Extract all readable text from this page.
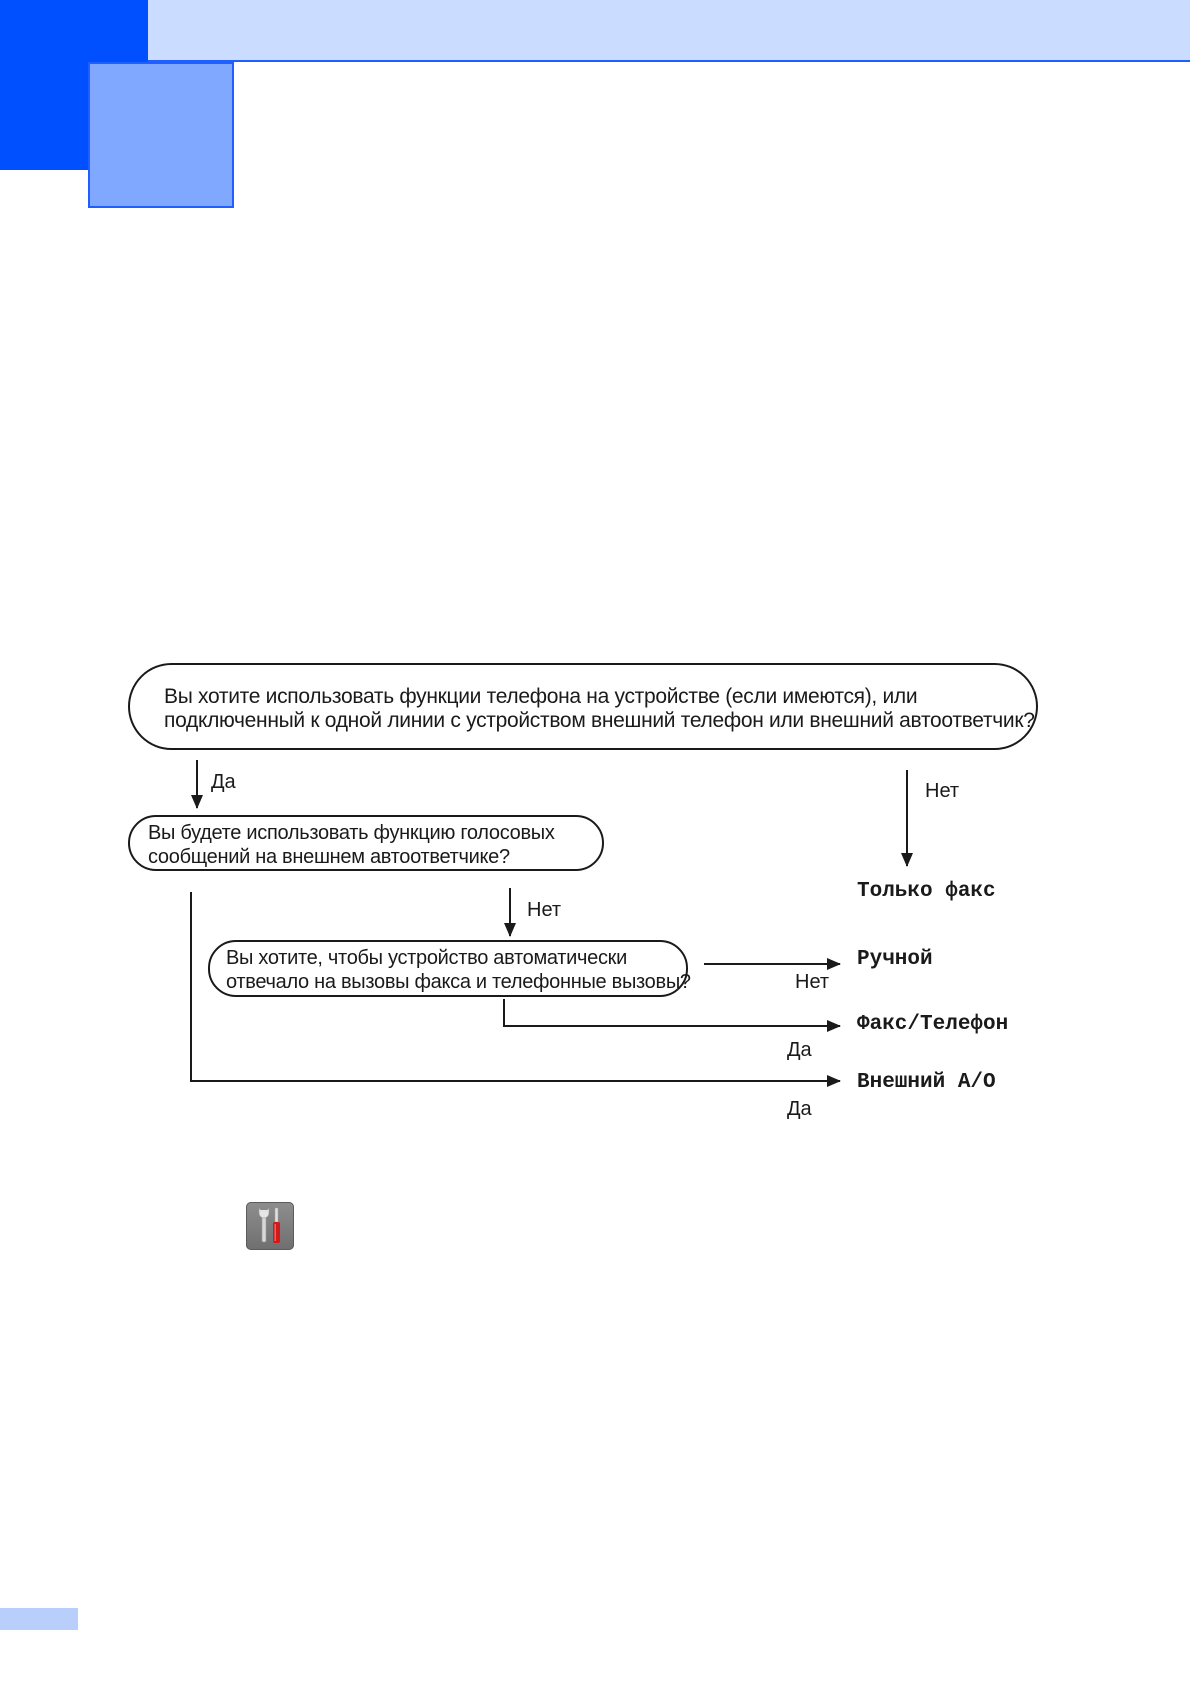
Вы хотите использовать функции телефона на устройстве (если имеются), или
подключенный к одной линии с устройством внешний телефон или внешний автоответчик?
Вы будете использовать функцию голосовых
сообщений на внешнем автоответчике?
Вы хотите, чтобы устройство автоматически
отвечало на вызовы факса и телефонные вызовы?
Да	Нет
Нет
Нет
Да
Да
Только факс
Ручной
Факс/Телефон
Внешний A/O
